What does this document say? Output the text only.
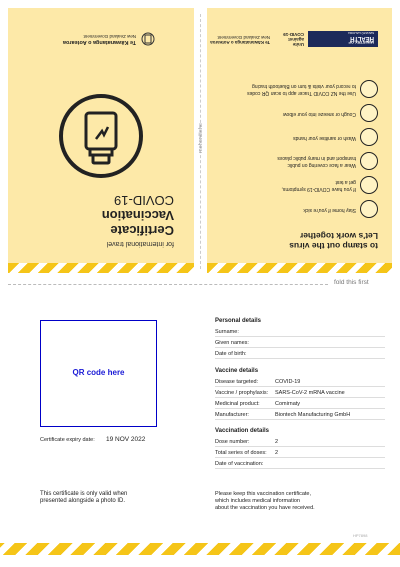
for international travel
Certificate
Vaccination
COVID-19
Te Kāwanatanga o Aotearoa
New Zealand Government
to stamp out the virus
Let's work together
Stay home if you're sick
If you have COVID-19 symptoms,
get a test
Wear a face covering on public
transport and in many public places
Wash or sanitise your hands
Cough or sneeze into your elbow
Use the NZ COVID Tracer app to scan QR codes
to record your visits & turn on Bluetooth tracing
MINISTRY OF
HEALTH
MANATŪ HAUORA
Unite
against
COVID-19
Te Kāwanatanga o Aotearoa
New Zealand Government
mehoniitehe
fold this first
QR code here
Certificate expiry date: 19 NOV 2022
This certificate is only valid when
presented alongside a photo ID.
Personal details
Surname:
Given names:
Date of birth:
Vaccine details
Disease targeted:	COVID-19
Vaccine / prophylaxis: SARS-CoV-2 mRNA vaccine
Medicinal product:	Comirnaty
Manufacturer:	Biontech Manufacturing GmbH
Vaccination details
Dose number:	2
Total series of doses: 2
Date of vaccination:
Please keep this vaccination certificate,
which includes medical information
about the vaccination you have received.
HP7898
